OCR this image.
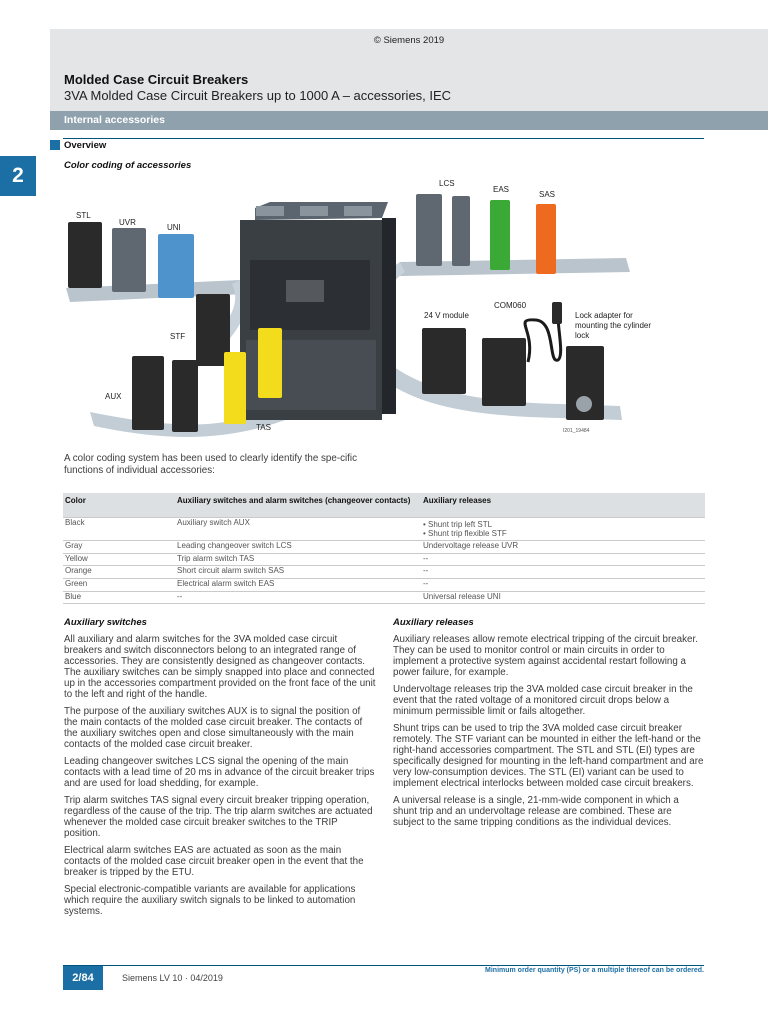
© Siemens 2019
Molded Case Circuit Breakers
3VA Molded Case Circuit Breakers up to 1000 A – accessories, IEC
Internal accessories
Overview
2	Color coding of accessories
STL
UVR
UNI
STF
AUX
TAS
LCS
EAS
SAS
24 V module
COM060
Lock adapter for mounting the cylinder lock
I201_19484
A color coding system has been used to clearly identify the spe-cific functions of individual accessories:
Color	Auxiliary switches and alarm switches (changeover contacts)	Auxiliary releases
Black	Auxiliary switch AUX	• Shunt trip left STL
• Shunt trip flexible STF
Gray	Leading changeover switch LCS	Undervoltage release UVR
Yellow	Trip alarm switch TAS	--
Orange	Short circuit alarm switch SAS	--
Green	Electrical alarm switch EAS	--
Blue	--	Universal release UNI
Auxiliary switches

All auxiliary and alarm switches for the 3VA molded case circuit breakers and switch disconnectors belong to an integrated range of accessories. They are consistently designed as changeover contacts. The auxiliary switches can be simply snapped into place and connected up in the accessories compartment provided on the front face of the unit to the left and right of the handle.

The purpose of the auxiliary switches AUX is to signal the position of the main contacts of the molded case circuit breaker. The contacts of the auxiliary switches open and close simultaneously with the main contacts of the molded case circuit breaker.

Leading changeover switches LCS signal the opening of the main contacts with a lead time of 20 ms in advance of the circuit breaker trips and are used for load shedding, for example.

Trip alarm switches TAS signal every circuit breaker tripping operation, regardless of the cause of the trip. The trip alarm switches are actuated whenever the molded case circuit breaker switches to the TRIP position.

Electrical alarm switches EAS are actuated as soon as the main contacts of the molded case circuit breaker open in the event that the breaker is tripped by the ETU.

Special electronic-compatible variants are available for applications which require the auxiliary switch signals to be linked to automation systems.

Auxiliary releases

Auxiliary releases allow remote electrical tripping of the circuit breaker. They can be used to monitor control or main circuits in order to implement a protective system against accidental restart following a power failure, for example.

Undervoltage releases trip the 3VA molded case circuit breaker in the event that the rated voltage of a monitored circuit drops below a minimum permissible limit or fails altogether.

Shunt trips can be used to trip the 3VA molded case circuit breaker remotely. The STF variant can be mounted in either the left-hand or the right-hand accessories compartment. The STL and STL (EI) types are specifically designed for mounting in the left-hand compartment and are very low-consumption devices. The STL (EI) variant can be used to implement electrical interlocks between molded case circuit breakers.

A universal release is a single, 21-mm-wide component in which a shunt trip and an undervoltage release are combined. These are subject to the same tripping conditions as the individual devices.

2/84	Siemens LV 10 · 04/2019
Minimum order quantity (PS) or a multiple thereof can be ordered.
